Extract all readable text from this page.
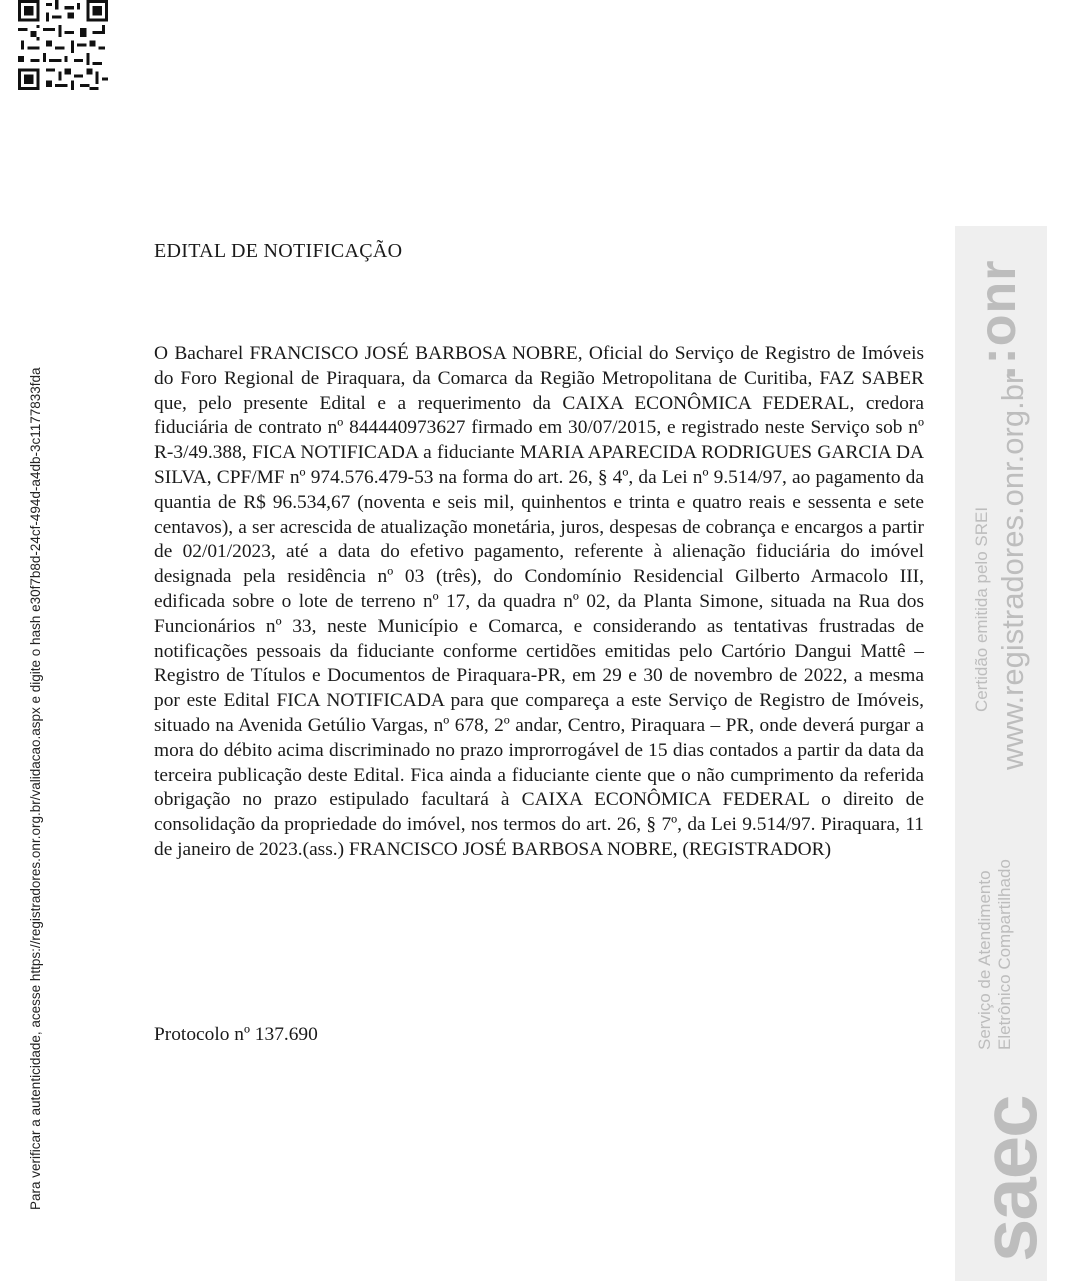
Para verificar a autenticidade, acesse https://registradores.onr.org.br/validacao.aspx e digite o hash e30f7b8d-24cf-494d-a4db-3c1177833fda
.:onr
Certidão emitida pelo SREI www.registradores.onr.org.br
Serviço de Atendimento Eletrônico Compartilhado
saec
EDITAL DE NOTIFICAÇÃO

O Bacharel FRANCISCO JOSÉ BARBOSA NOBRE, Oficial do Serviço de Registro de Imóveis do Foro Regional de Piraquara, da Comarca da Região Metropolitana de Curitiba, FAZ SABER que, pelo presente Edital e a requerimento da CAIXA ECONÔMICA FEDERAL, credora fiduciária de contrato nº 844440973627 firmado em 30/07/2015, e registrado neste Serviço sob nº R-3/49.388, FICA NOTIFICADA a fiduciante MARIA APARECIDA RODRIGUES GARCIA DA SILVA, CPF/MF nº 974.576.479-53 na forma do art. 26, § 4º, da Lei nº 9.514/97, ao pagamento da quantia de R$ 96.534,67 (noventa e seis mil, quinhentos e trinta e quatro reais e sessenta e sete centavos), a ser acrescida de atualização monetária, juros, despesas de cobrança e encargos a partir de 02/01/2023, até a data do efetivo pagamento, referente à alienação fiduciária do imóvel designada pela residência nº 03 (três), do Condomínio Residencial Gilberto Armacolo III, edificada sobre o lote de terreno nº 17, da quadra nº 02, da Planta Simone, situada na Rua dos Funcionários nº 33, neste Município e Comarca, e considerando as tentativas frustradas de notificações pessoais da fiduciante conforme certidões emitidas pelo Cartório Dangui Mattê – Registro de Títulos e Documentos de Piraquara-PR, em 29 e 30 de novembro de 2022, a mesma por este Edital FICA NOTIFICADA para que compareça a este Serviço de Registro de Imóveis, situado na Avenida Getúlio Vargas, nº 678, 2º andar, Centro, Piraquara – PR, onde deverá purgar a mora do débito acima discriminado no prazo improrrogável de 15 dias contados a partir da data da terceira publicação deste Edital. Fica ainda a fiduciante ciente que o não cumprimento da referida obrigação no prazo estipulado facultará à CAIXA ECONÔMICA FEDERAL o direito de consolidação da propriedade do imóvel, nos termos do art. 26, § 7º, da Lei 9.514/97. Piraquara, 11 de janeiro de 2023.(ass.) FRANCISCO JOSÉ BARBOSA NOBRE, (REGISTRADOR)

Protocolo nº 137.690
